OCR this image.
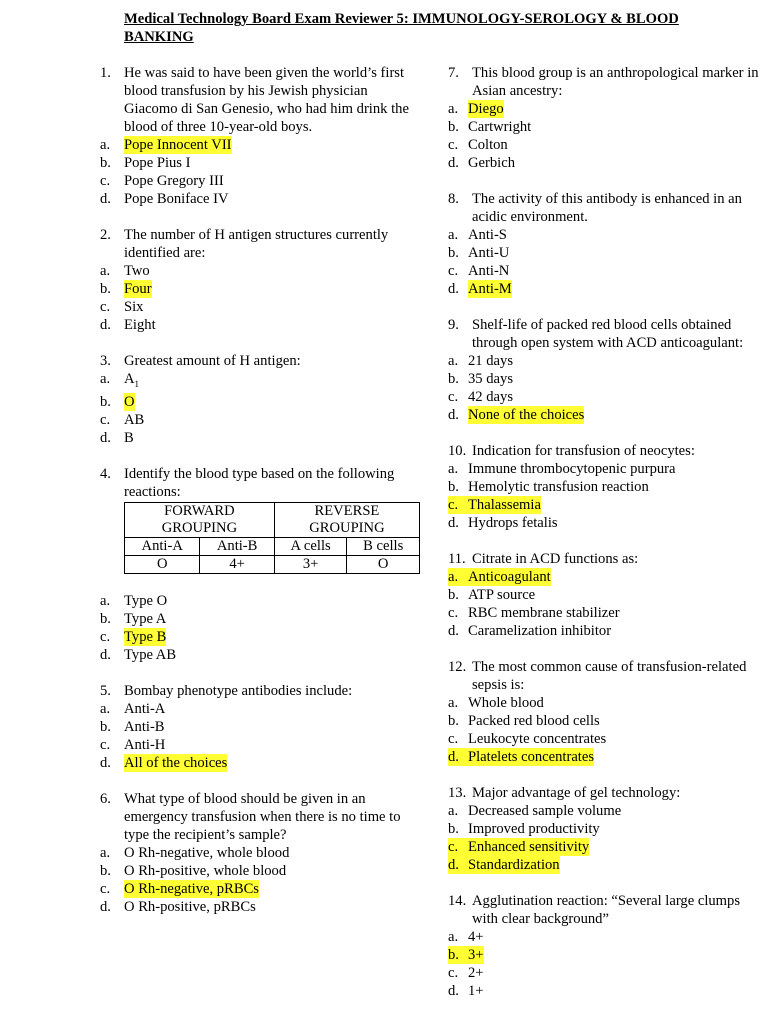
Medical Technology Board Exam Reviewer 5: IMMUNOLOGY-SEROLOGY & BLOOD BANKING
1. He was said to have been given the world’s first blood transfusion by his Jewish physician Giacomo di San Genesio, who had him drink the blood of three 10-year-old boys.
a. Pope Innocent VII
b. Pope Pius I
c. Pope Gregory III
d. Pope Boniface IV
2. The number of H antigen structures currently identified are:
a. Two
b. Four
c. Six
d. Eight
3. Greatest amount of H antigen:
a. $A_1$
b. O
c. AB
d. B
4. Identify the blood type based on the following reactions:
FORWARD GROUPING		REVERSE GROUPING	
Anti-A	Anti-B	A cells	B cells
O	4+	3+	O
a. Type O
b. Type A
c. Type B
d. Type AB
5. Bombay phenotype antibodies include:
a. Anti-A
b. Anti-B
c. Anti-H
d. All of the choices
6. What type of blood should be given in an emergency transfusion when there is no time to type the recipient’s sample?
a. O Rh-negative, whole blood
b. O Rh-positive, whole blood
c. O Rh-negative, pRBCs
d. O Rh-positive, pRBCs
7. This blood group is an anthropological marker in Asian ancestry:
a. Diego
b. Cartwright
c. Colton
d. Gerbich
8. The activity of this antibody is enhanced in an acidic environment.
a. Anti-S
b. Anti-U
c. Anti-N
d. Anti-M
9. Shelf-life of packed red blood cells obtained through open system with ACD anticoagulant:
a. 21 days
b. 35 days
c. 42 days
d. None of the choices
10. Indication for transfusion of neocytes:
a. Immune thrombocytopenic purpura
b. Hemolytic transfusion reaction
c. Thalassemia
d. Hydrops fetalis
11. Citrate in ACD functions as:
a. Anticoagulant
b. ATP source
c. RBC membrane stabilizer
d. Caramelization inhibitor
12. The most common cause of transfusion-related sepsis is:
a. Whole blood
b. Packed red blood cells
c. Leukocyte concentrates
d. Platelets concentrates
13. Major advantage of gel technology:
a. Decreased sample volume
b. Improved productivity
c. Enhanced sensitivity
d. Standardization
14. Agglutination reaction: “Several large clumps with clear background”
a. 4+
b. 3+
c. 2+
d. 1+
